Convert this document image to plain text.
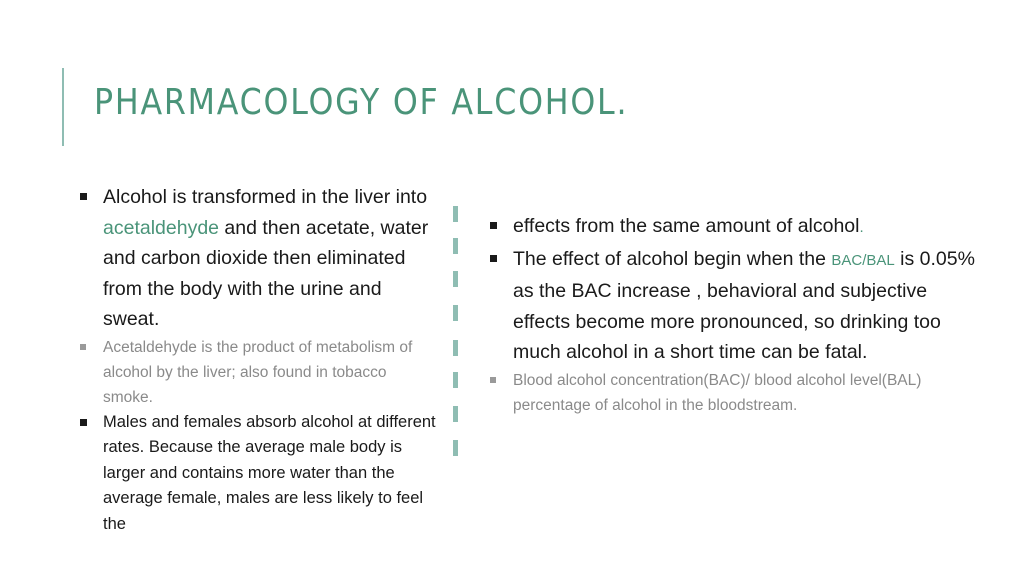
PHARMACOLOGY OF ALCOHOL.
Alcohol is transformed in the liver into acetaldehyde and then acetate, water and carbon dioxide then eliminated from the body with the urine and sweat.
Acetaldehyde is the product of metabolism of alcohol by the liver; also found in tobacco smoke.
Males and females absorb alcohol at different rates. Because the average male body is larger and contains more water than the average female, males are less likely to feel the
effects from the same amount of alcohol.
The effect of alcohol begin when the BAC/BAL is 0.05% as the BAC increase , behavioral and subjective effects become more pronounced, so drinking too much alcohol in a short time can be fatal.
Blood alcohol concentration(BAC)/ blood alcohol level(BAL) percentage of alcohol in the bloodstream.
